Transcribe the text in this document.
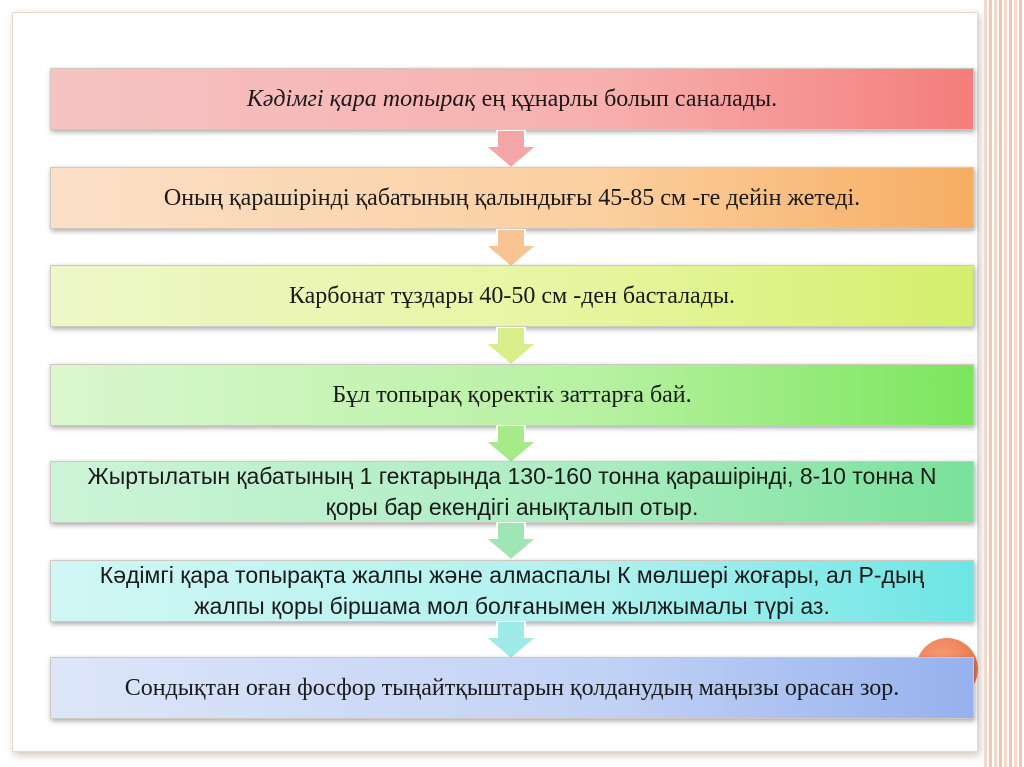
Кәдімгі қара топырақ ең құнарлы болып саналады.
Оның қарашірінді қабатының қалындығы 45-85 см -ге дейін жетеді.
Карбонат тұздары 40-50 см -ден басталады.
Бұл топырақ қоректік заттарға бай.
Жыртылатын қабатының 1 гектарында 130-160 тонна қарашірінді, 8-10 тонна N қоры бар екендігі анықталып отыр.
Кәдімгі қара топырақта жалпы және алмаспалы К мөлшері жоғары, ал Р-дың жалпы қоры біршама мол болғанымен жылжымалы түрі аз.
Сондықтан оған фосфор тыңайтқыштарын қолданудың маңызы орасан зор.
